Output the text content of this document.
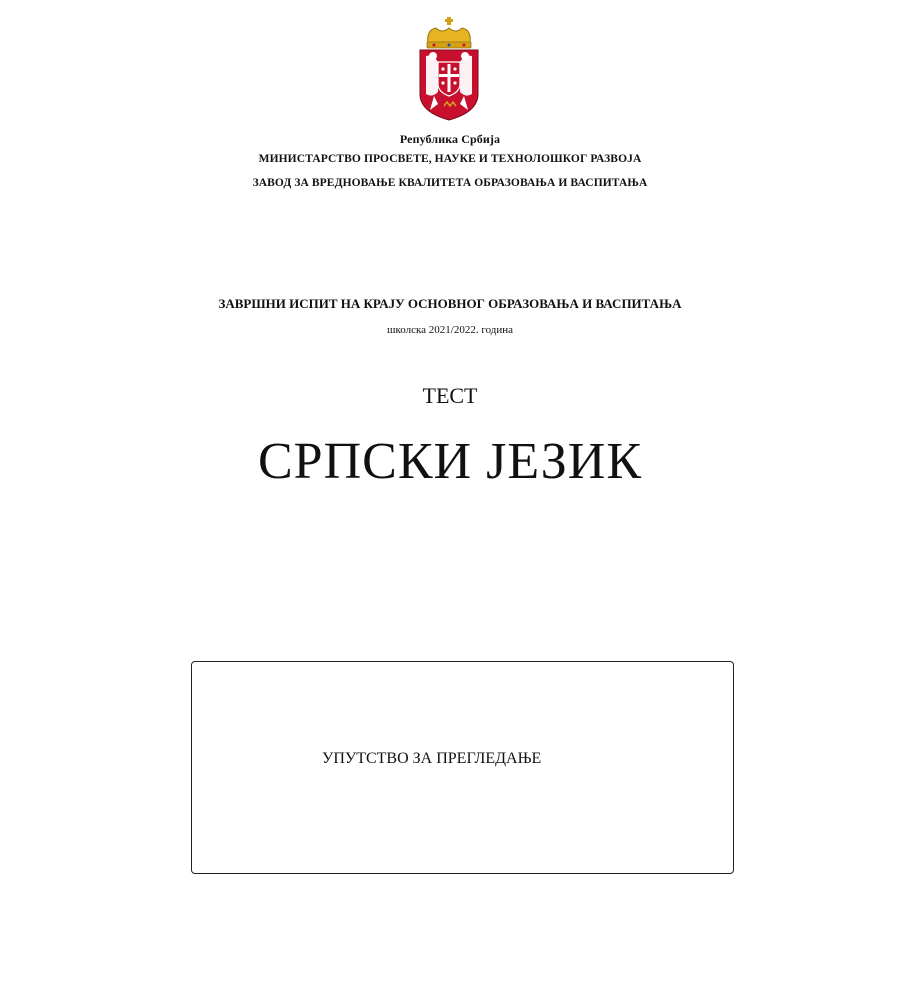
Република Србија
МИНИСТАРСТВО ПРОСВЕТЕ, НАУКЕ И ТЕХНОЛОШКОГ РАЗВОЈА
ЗАВОД ЗА ВРЕДНОВАЊЕ КВАЛИТЕТА ОБРАЗОВАЊА И ВАСПИТАЊА
ЗАВРШНИ ИСПИТ НА КРАЈУ ОСНОВНОГ ОБРАЗОВАЊА И ВАСПИТАЊА
школска 2021/2022. година
ТЕСТ
СРПСКИ ЈЕЗИК
УПУТСТВО ЗА ПРЕГЛЕДАЊЕ
